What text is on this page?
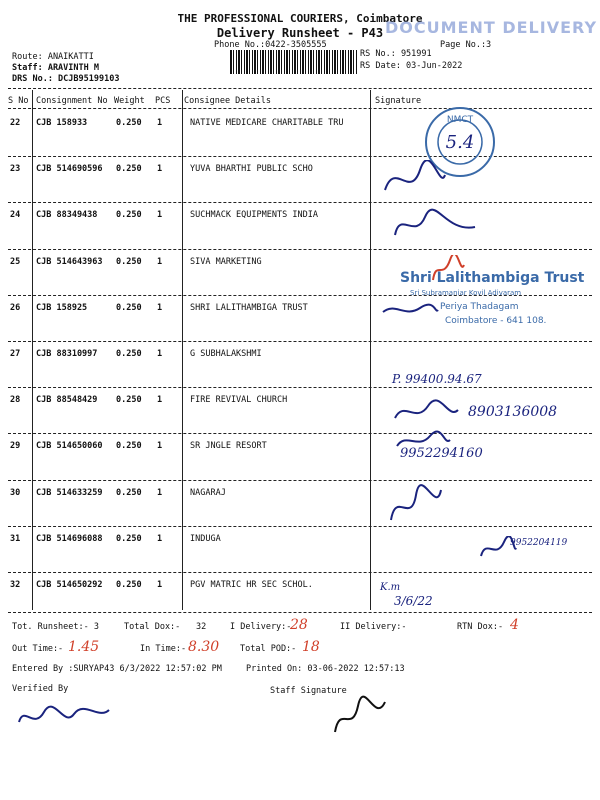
THE PROFESSIONAL COURIERS, Coimbatore
Delivery Runsheet - P43
Phone No.:0422-3505555	Page No.:3
DOCUMENT DELIVERY
Route: ANAIKATTI
Staff: ARAVINTH M
DRS No.: DCJB95199103
RS No.: 951991
RS Date: 03-Jun-2022
S No Consignment No Weight PCS Consignee Details	Signature
22 CJB 158933	0.250 1	NATIVE MEDICARE CHARITABLE TRU
23 CJB 514690596 0.250 1	YUVA BHARTHI PUBLIC SCHO
24 CJB 88349438 0.250 1	SUCHMACK EQUIPMENTS INDIA
25 CJB 514643963 0.250 1	SIVA MARKETING
26 CJB 158925	0.250 1	SHRI LALITHAMBIGA TRUST
27 CJB 88310997 0.250 1	G SUBHALAKSHMI
28 CJB 88548429 0.250 1	FIRE REVIVAL CHURCH
29 CJB 514650060 0.250 1	SR JNGLE RESORT
30 CJB 514633259 0.250 1	NAGARAJ
31 CJB 514696088 0.250 1	INDUGA
32 CJB 514650292 0.250 1	PGV MATRIC HR SEC SCHOL.
NMCT
5.4
Shri Lalithambiga Trust
Sri Subramaniar Kovil Adivaram
Periya Thadagam
Coimbatore - 641 108.
P. 99400.94.67
8903136008
9952294160
9952204119
K.m
3/6/22
Tot. Runsheet:- 3	Total Dox:- 32	I Delivery:-
28	II Delivery:-	RTN Dox:- 4
Out Time:- 1.45	In Time:- 8.30 Total POD:- 18
Entered By :SURYAP43 6/3/2022 12:57:02 PM	Printed On: 03-06-2022 12:57:13
Verified By	Staff Signature
